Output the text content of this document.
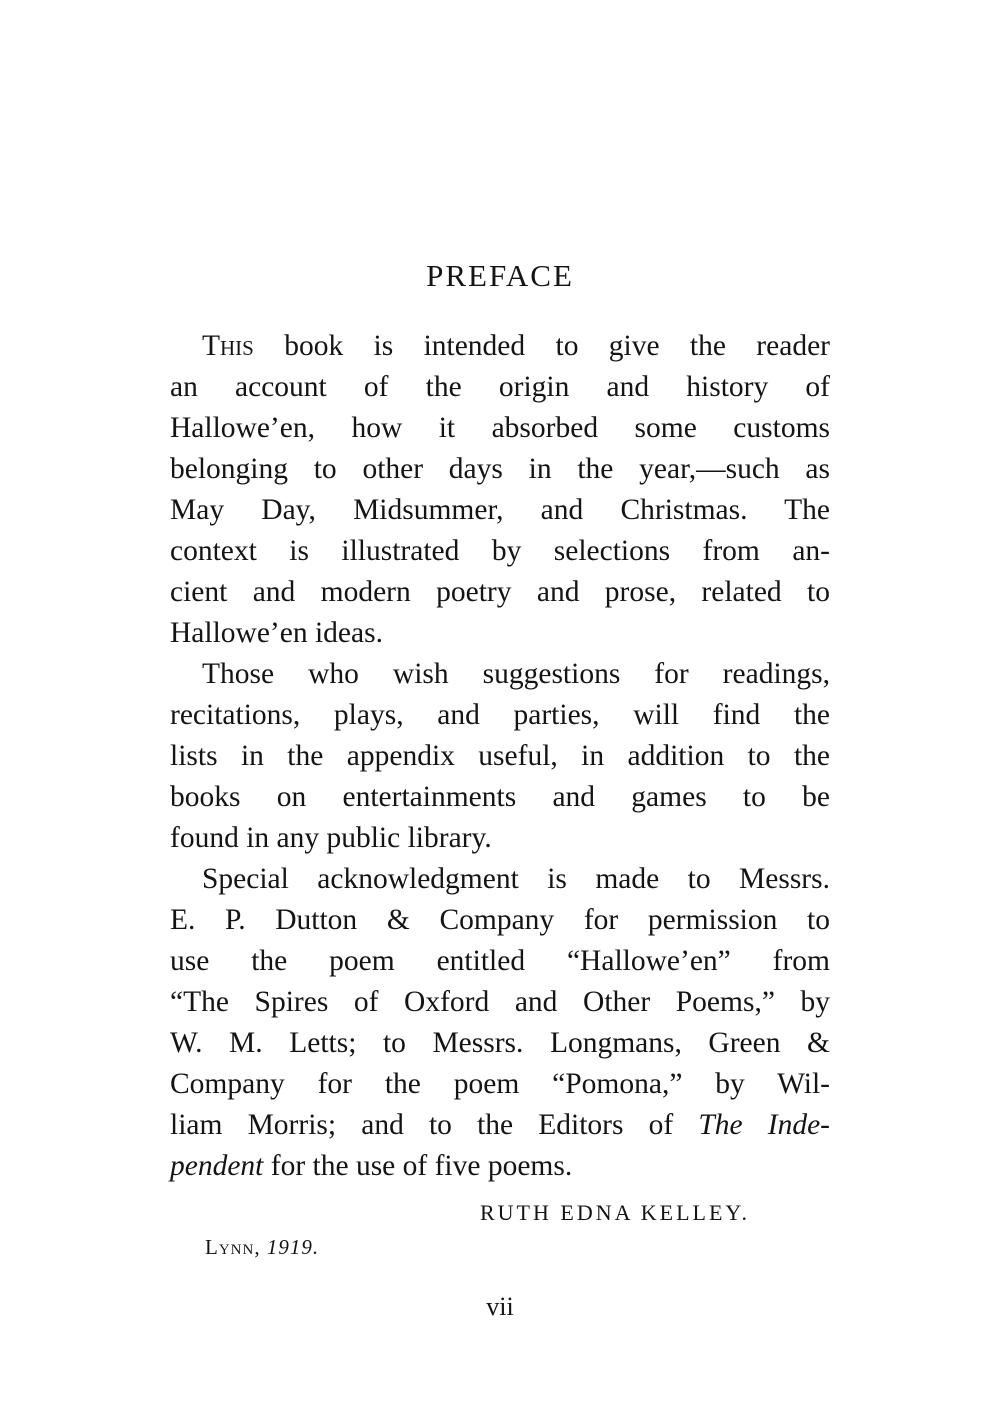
PREFACE

This book is intended to give the reader
an account of the origin and history of
Hallowe’en, how it absorbed some customs
belonging to other days in the year,—such as
May Day, Midsummer, and Christmas. The
context is illustrated by selections from an-
cient and modern poetry and prose, related to
Hallowe’en ideas.

Those who wish suggestions for readings,
recitations, plays, and parties, will find the
lists in the appendix useful, in addition to the
books on entertainments and games to be
found in any public library.

Special acknowledgment is made to Messrs.
E. P. Dutton & Company for permission to
use the poem entitled “Hallowe’en” from
“The Spires of Oxford and Other Poems,” by
W. M. Letts; to Messrs. Longmans, Green &
Company for the poem “Pomona,” by Wil-
liam Morris; and to the Editors of The Inde-
pendent for the use of five poems.

RUTH EDNA KELLEY.
Lynn, 1919.
vii
